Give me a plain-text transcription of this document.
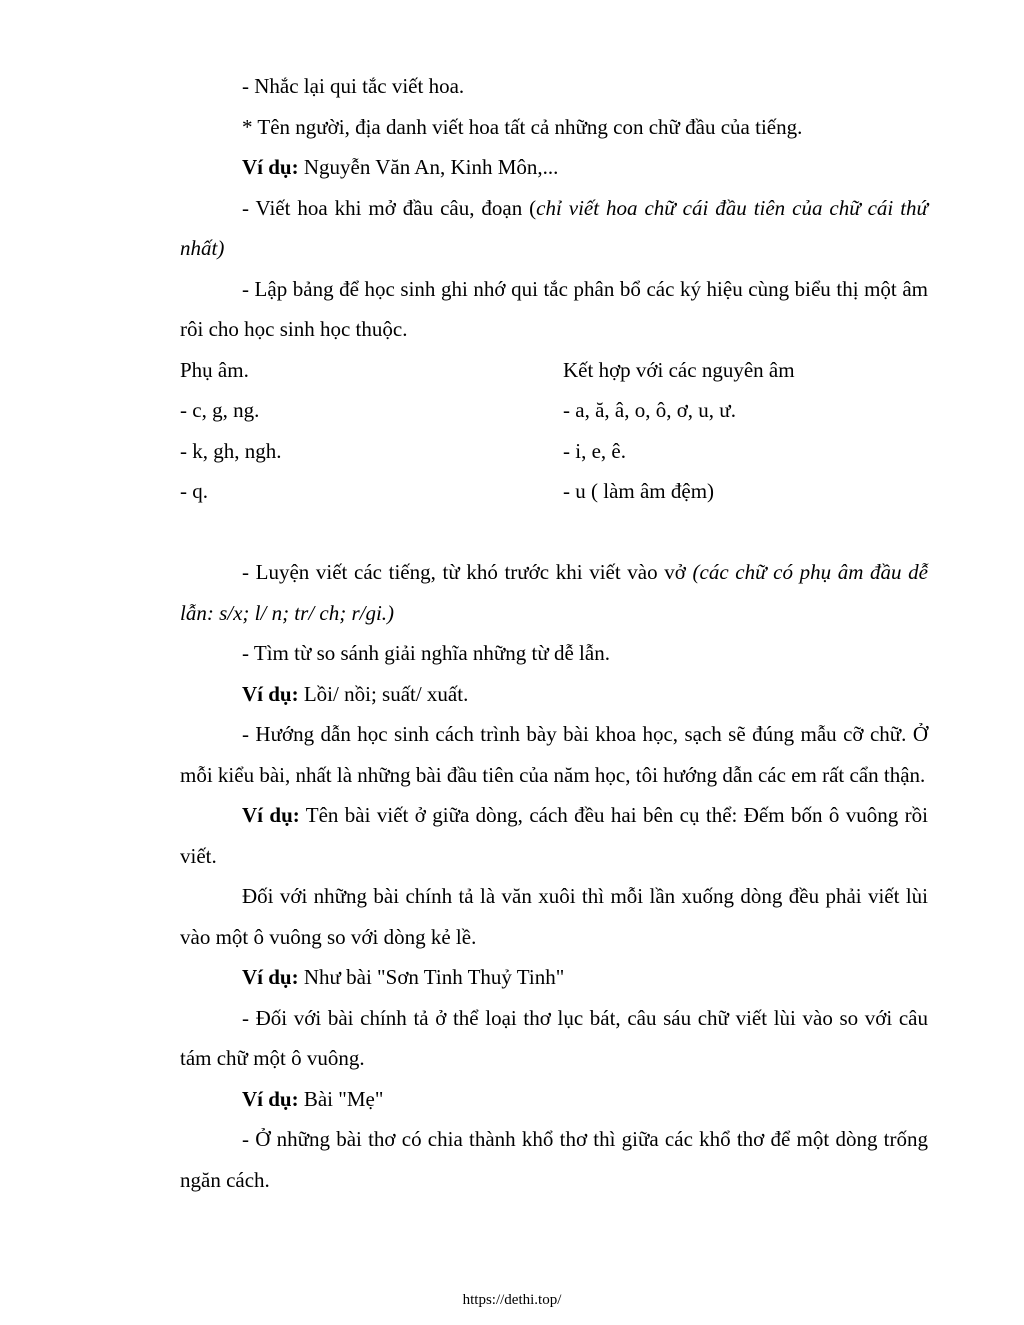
- Nhắc lại qui tắc viết hoa.

* Tên người, địa danh viết hoa tất cả những con chữ đầu của tiếng.

Ví dụ: Nguyễn Văn An, Kinh Môn,...

- Viết hoa khi mở đầu câu, đoạn (chỉ viết hoa chữ cái đầu tiên của chữ cái thứ nhất)

- Lập bảng để học sinh ghi nhớ qui tắc phân bổ các ký hiệu cùng biểu thị một âm rôi cho học sinh học thuộc.

Phụ âm.	Kết hợp với các nguyên âm
- c, g, ng.	- a, ă, â, o, ô, ơ, u, ư.
- k, gh, ngh.	- i, e, ê.
- q.	- u ( làm âm đệm)

- Luyện viết các tiếng, từ khó trước khi viết vào vở (các chữ có phụ âm đầu dễ lẫn: s/x; l/ n; tr/ ch; r/gi.)

- Tìm từ so sánh giải nghĩa những từ dễ lẫn.

Ví dụ: Lồi/ nồi; suất/ xuất.

- Hướng dẫn học sinh cách trình bày bài khoa học, sạch sẽ đúng mẫu cỡ chữ. Ở mỗi kiểu bài, nhất là những bài đầu tiên của năm học, tôi hướng dẫn các em rất cẩn thận.

Ví dụ: Tên bài viết ở giữa dòng, cách đều hai bên cụ thể: Đếm bốn ô vuông rồi viết.

Đối với những bài chính tả là văn xuôi thì mỗi lần xuống dòng đều phải viết lùi vào một ô vuông so với dòng kẻ lề.

Ví dụ: Như bài "Sơn Tinh Thuỷ Tinh"

- Đối với bài chính tả ở thể loại thơ lục bát, câu sáu chữ viết lùi vào so với câu tám chữ một ô vuông.

Ví dụ: Bài "Mẹ"

- Ở những bài thơ có chia thành khổ thơ thì giữa các khổ thơ để một dòng trống ngăn cách.

https://dethi.top/
